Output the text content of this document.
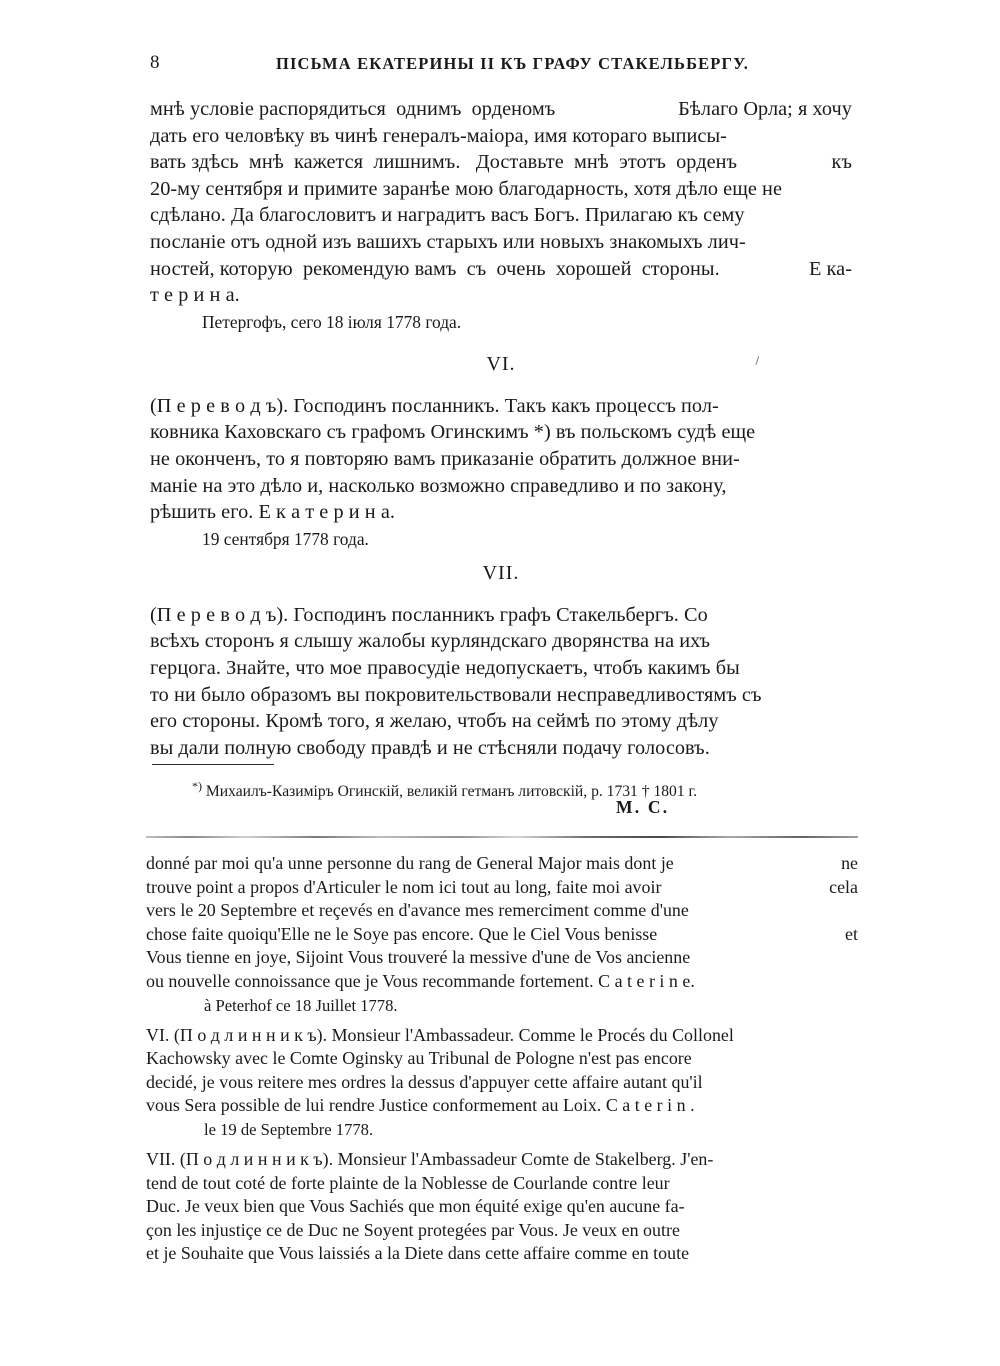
8	ПІСЬМА ЕКАТЕРИНЫ ІІ КЪ ГРАФУ СТАКЕЛЬБЕРГУ.
мнѣ условіе распорядиться  однимъ  орденомъ	Бѣлаго Орла; я хочу
дать его человѣку въ чинѣ генералъ-маіора, имя котораго выписы-
вать здѣсь  мнѣ  кажется  лишнимъ.   Доставьте  мнѣ  этотъ  орденъ	къ
20-му сентября и примите заранѣе мою благодарность, хотя дѣло еще не
сдѣлано. Да благословитъ и наградитъ васъ Богъ. Прилагаю къ сему
посланіе отъ одной изъ вашихъ старыхъ или новыхъ знакомыхъ лич-
ностей, которую  рекомендую вамъ  съ  очень  хорошей  стороны.	Е ка-
т е р и н а.
Петергофъ, сего 18 іюля 1778 года.
VI.
(П е р е в о д ъ). Господинъ посланникъ. Такъ какъ процессъ пол-
ковника Каховскаго съ графомъ Огинскимъ *) въ польскомъ судѣ еще
не оконченъ, то я повторяю вамъ приказаніе обратить должное вни-
маніе на это дѣло и, насколько возможно справедливо и по закону,
рѣшить его. Е к а т е р и н а.
19 сентября 1778 года.
VII.
(П е р е в о д ъ). Господинъ посланникъ графъ Стакельбергъ. Со
всѣхъ сторонъ я слышу жалобы курляндскаго дворянства на ихъ
герцога. Знайте, что мое правосудіе недопускаетъ, чтобъ какимъ бы
то ни было образомъ вы покровительствовали несправедливостямъ съ
его стороны. Кромѣ того, я желаю, чтобъ на сеймѣ по этому дѣлу
вы дали полную свободу правдѣ и не стѣсняли подачу голосовъ.
*) Михаилъ-Казиміръ Огинскій, великій гетманъ литовскій, р. 1731 † 1801 г.
М. С.
donné par moi qu'a unne personne du rang de General Major mais dont je	ne
trouve point a propos d'Articuler le nom ici tout au long, faite moi avoir	cela
vers le 20 Septembre et reçevés en d'avance mes remerciment comme d'une
chose faite quoiqu'Elle ne le Soye pas encore. Que le Ciel Vous benisse	et
Vous tienne en joye, Sijoint Vous trouveré la messive d'une de Vos ancienne
ou nouvelle connoissance que je Vous recommande fortement. C a t e r i n e.
à Peterhof ce 18 Juillet 1778.
VI. (П о д л и н н и к ъ). Monsieur l'Ambassadeur. Comme le Procés du Collonel
Kachowsky avec le Comte Oginsky au Tribunal de Pologne n'est pas encore
decidé, je vous reitere mes ordres la dessus d'appuyer cette affaire autant qu'il
vous Sera possible de lui rendre Justice conformement au Loix. C a t e r i n .
le 19 de Septembre 1778.
VII. (П о д л и н н и к ъ). Monsieur l'Ambassadeur Comte de Stakelberg. J'en-
tend de tout coté de forte plainte de la Noblesse de Courlande contre leur
Duc. Je veux bien que Vous Sachiés que mon équité exige qu'en aucune fa-
çon les injustiçe ce de Duc ne Soyent protegées par Vous. Je veux en outre
et je Souhaite que Vous laissiés a la Diete dans cette affaire comme en toute
